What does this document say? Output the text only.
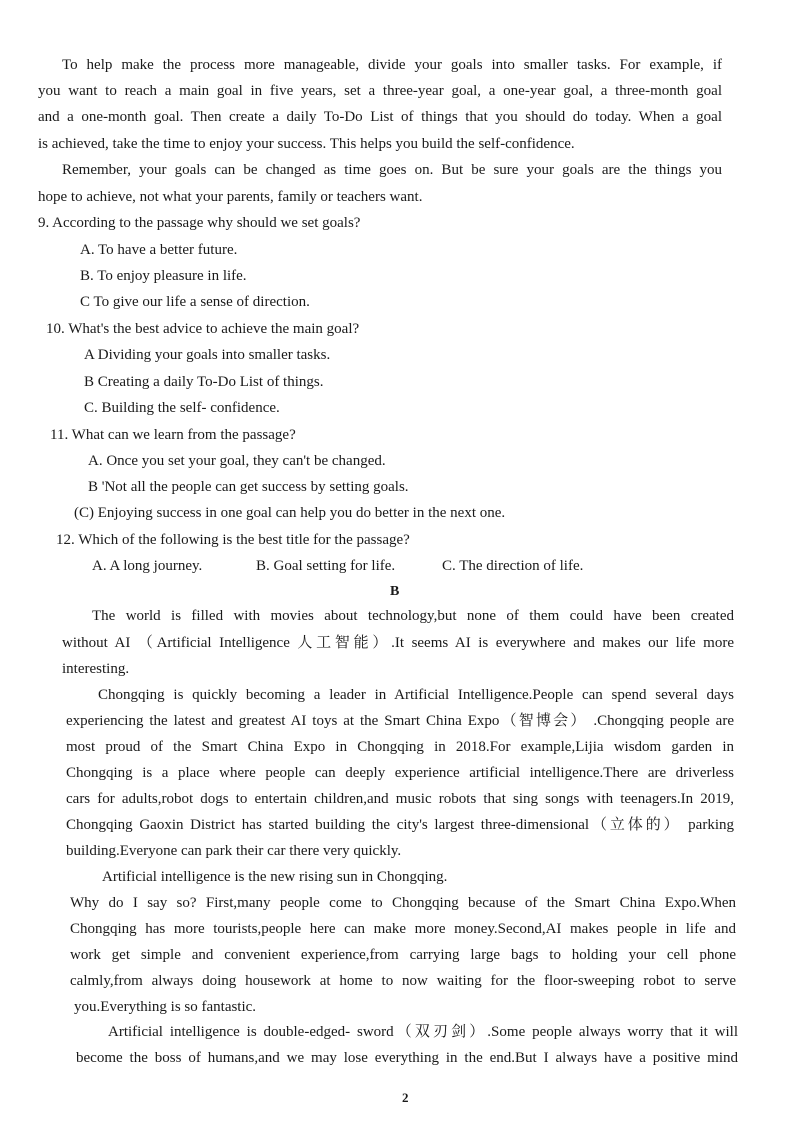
To help make the process more manageable, divide your goals into smaller tasks. For example, if
you want to reach a main goal in five years, set a three-year goal, a one-year goal, a three-month goal
and a one-month goal. Then create a daily To-Do List of things that you should do today. When a goal
is achieved, take the time to enjoy your success. This helps you build the self-confidence.
Remember, your goals can be changed as time goes on. But be sure your goals are the things you
hope to achieve, not what your parents, family or teachers want.
9. According to the passage why should we set goals?
A. To have a better future.
B. To enjoy pleasure in life.
C To give our life a sense of direction.
10. What's the best advice to achieve the main goal?
A Dividing your goals into smaller tasks.
B Creating a daily To-Do List of things.
C. Building the self- confidence.
11. What can we learn from the passage?
A. Once you set your goal, they can't be changed.
B 'Not all the people can get success by setting goals.
(C) Enjoying success in one goal can help you do better in the next one.
12. Which of the following is the best title for the passage?
A. A long journey.	B. Goal setting for life.	C. The direction of life.
B
The world is filled with movies about technology,but none of them could have been created
without AI （Artificial Intelligence 人工智能）.It seems AI is everywhere and makes our life more
interesting.
Chongqing is quickly becoming a leader in Artificial Intelligence.People can spend several days
experiencing the latest and greatest AI toys at the Smart China Expo（智博会） .Chongqing people are
most proud of the Smart China Expo in Chongqing in 2018.For example,Lijia wisdom garden in
Chongqing is a place where people can deeply experience artificial intelligence.There are driverless
cars for adults,robot dogs to entertain children,and music robots that sing songs with teenagers.In 2019,
Chongqing Gaoxin District has started building the city's largest three-dimensional（立体的） parking
building.Everyone can park their car there very quickly.
Artificial intelligence is the new rising sun in Chongqing.
Why do I say so? First,many people come to Chongqing because of the Smart China Expo.When
Chongqing has more tourists,people here can make more money.Second,AI makes people in life and
work get simple and convenient experience,from carrying large bags to holding your cell phone
calmly,from always doing housework at home to now waiting for the floor-sweeping robot to serve
you.Everything is so fantastic.
Artificial intelligence is double-edged- sword（双刃剑）.Some people always worry that it will
become the boss of humans,and we may lose everything in the end.But I always have a positive mind
2
